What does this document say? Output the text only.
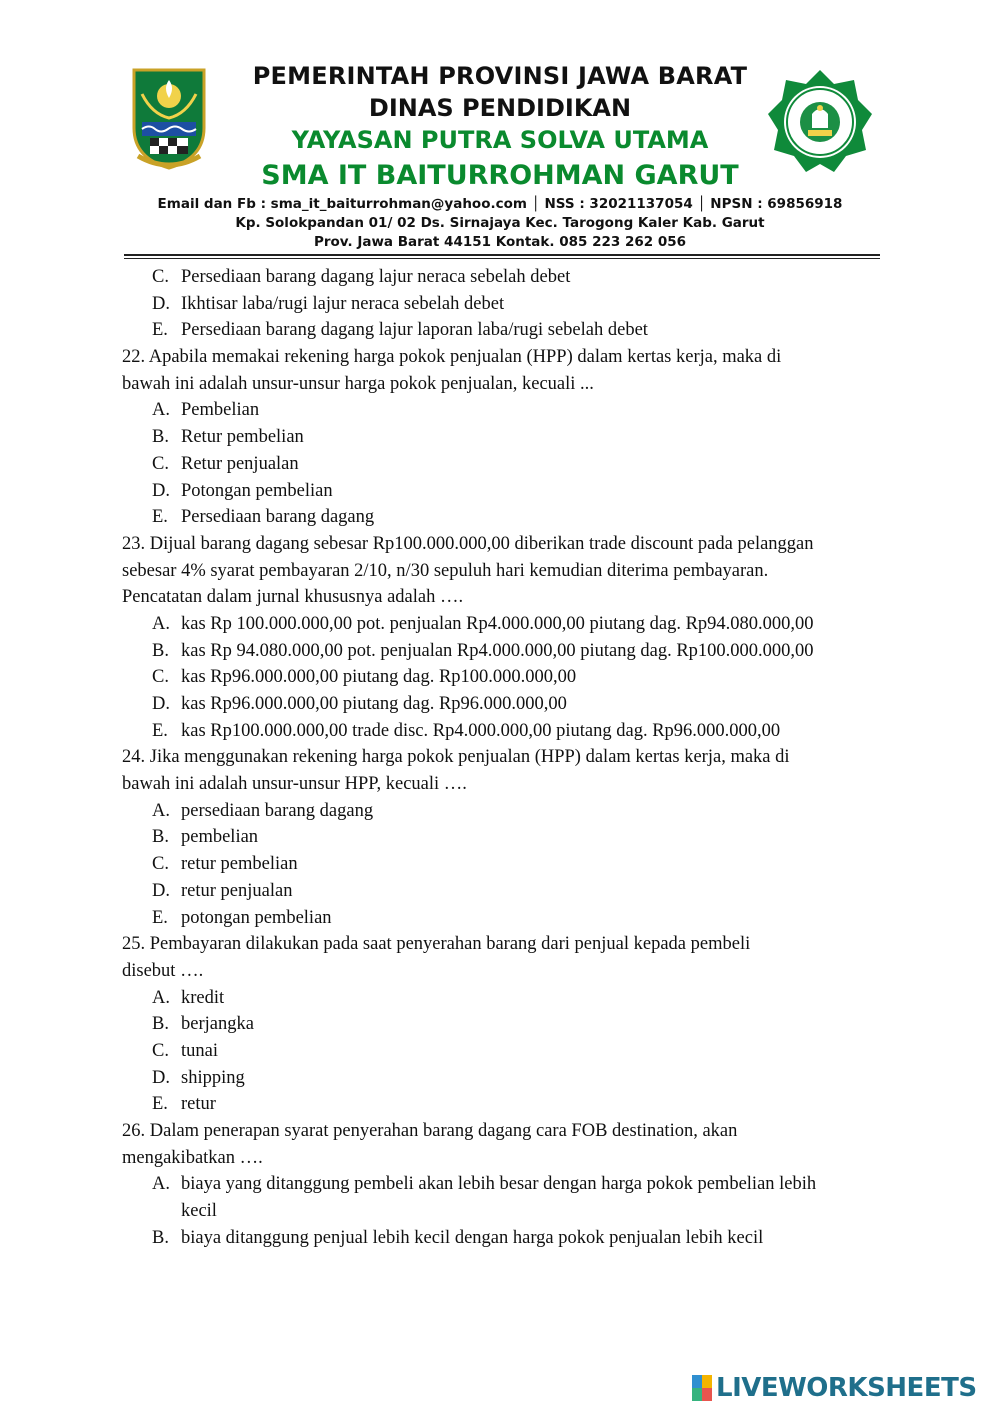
PEMERINTAH PROVINSI JAWA BARAT
DINAS PENDIDIKAN
YAYASAN PUTRA SOLVA UTAMA
SMA IT BAITURROHMAN GARUT
Email dan Fb : sma_it_baiturrohman@yahoo.com │ NSS : 32021137054 │ NPSN : 69856918
Kp. Solokpandan 01/ 02 Ds. Sirnajaya Kec. Tarogong Kaler Kab. Garut
Prov. Jawa Barat 44151 Kontak. 085 223 262 056
C. Persediaan barang dagang lajur neraca sebelah debet
D. Ikhtisar laba/rugi lajur neraca sebelah debet
E. Persediaan barang dagang lajur laporan laba/rugi sebelah debet
22. Apabila memakai rekening harga pokok penjualan (HPP) dalam kertas kerja, maka di
bawah ini adalah unsur-unsur harga pokok penjualan, kecuali ...
A. Pembelian
B. Retur pembelian
C. Retur penjualan
D. Potongan pembelian
E. Persediaan barang dagang
23. Dijual barang dagang sebesar Rp100.000.000,00 diberikan trade discount pada pelanggan
sebesar 4% syarat pembayaran 2/10, n/30 sepuluh hari kemudian diterima pembayaran.
Pencatatan dalam jurnal khususnya adalah ….
A. kas Rp 100.000.000,00 pot. penjualan Rp4.000.000,00 piutang dag. Rp94.080.000,00
B. kas Rp 94.080.000,00 pot. penjualan Rp4.000.000,00 piutang dag. Rp100.000.000,00
C. kas Rp96.000.000,00 piutang dag. Rp100.000.000,00
D. kas Rp96.000.000,00 piutang dag. Rp96.000.000,00
E. kas Rp100.000.000,00 trade disc. Rp4.000.000,00 piutang dag. Rp96.000.000,00
24. Jika menggunakan rekening harga pokok penjualan (HPP) dalam kertas kerja, maka di
bawah ini adalah unsur-unsur HPP, kecuali ….
A. persediaan barang dagang
B. pembelian
C. retur pembelian
D. retur penjualan
E. potongan pembelian
25. Pembayaran dilakukan pada saat penyerahan barang dari penjual kepada pembeli
disebut ….
A. kredit
B. berjangka
C. tunai
D. shipping
E. retur
26. Dalam penerapan syarat penyerahan barang dagang cara FOB destination, akan
mengakibatkan ….
A. biaya yang ditanggung pembeli akan lebih besar dengan harga pokok pembelian lebih
kecil
B. biaya ditanggung penjual lebih kecil dengan harga pokok penjualan lebih kecil
LIVEWORKSHEETS
